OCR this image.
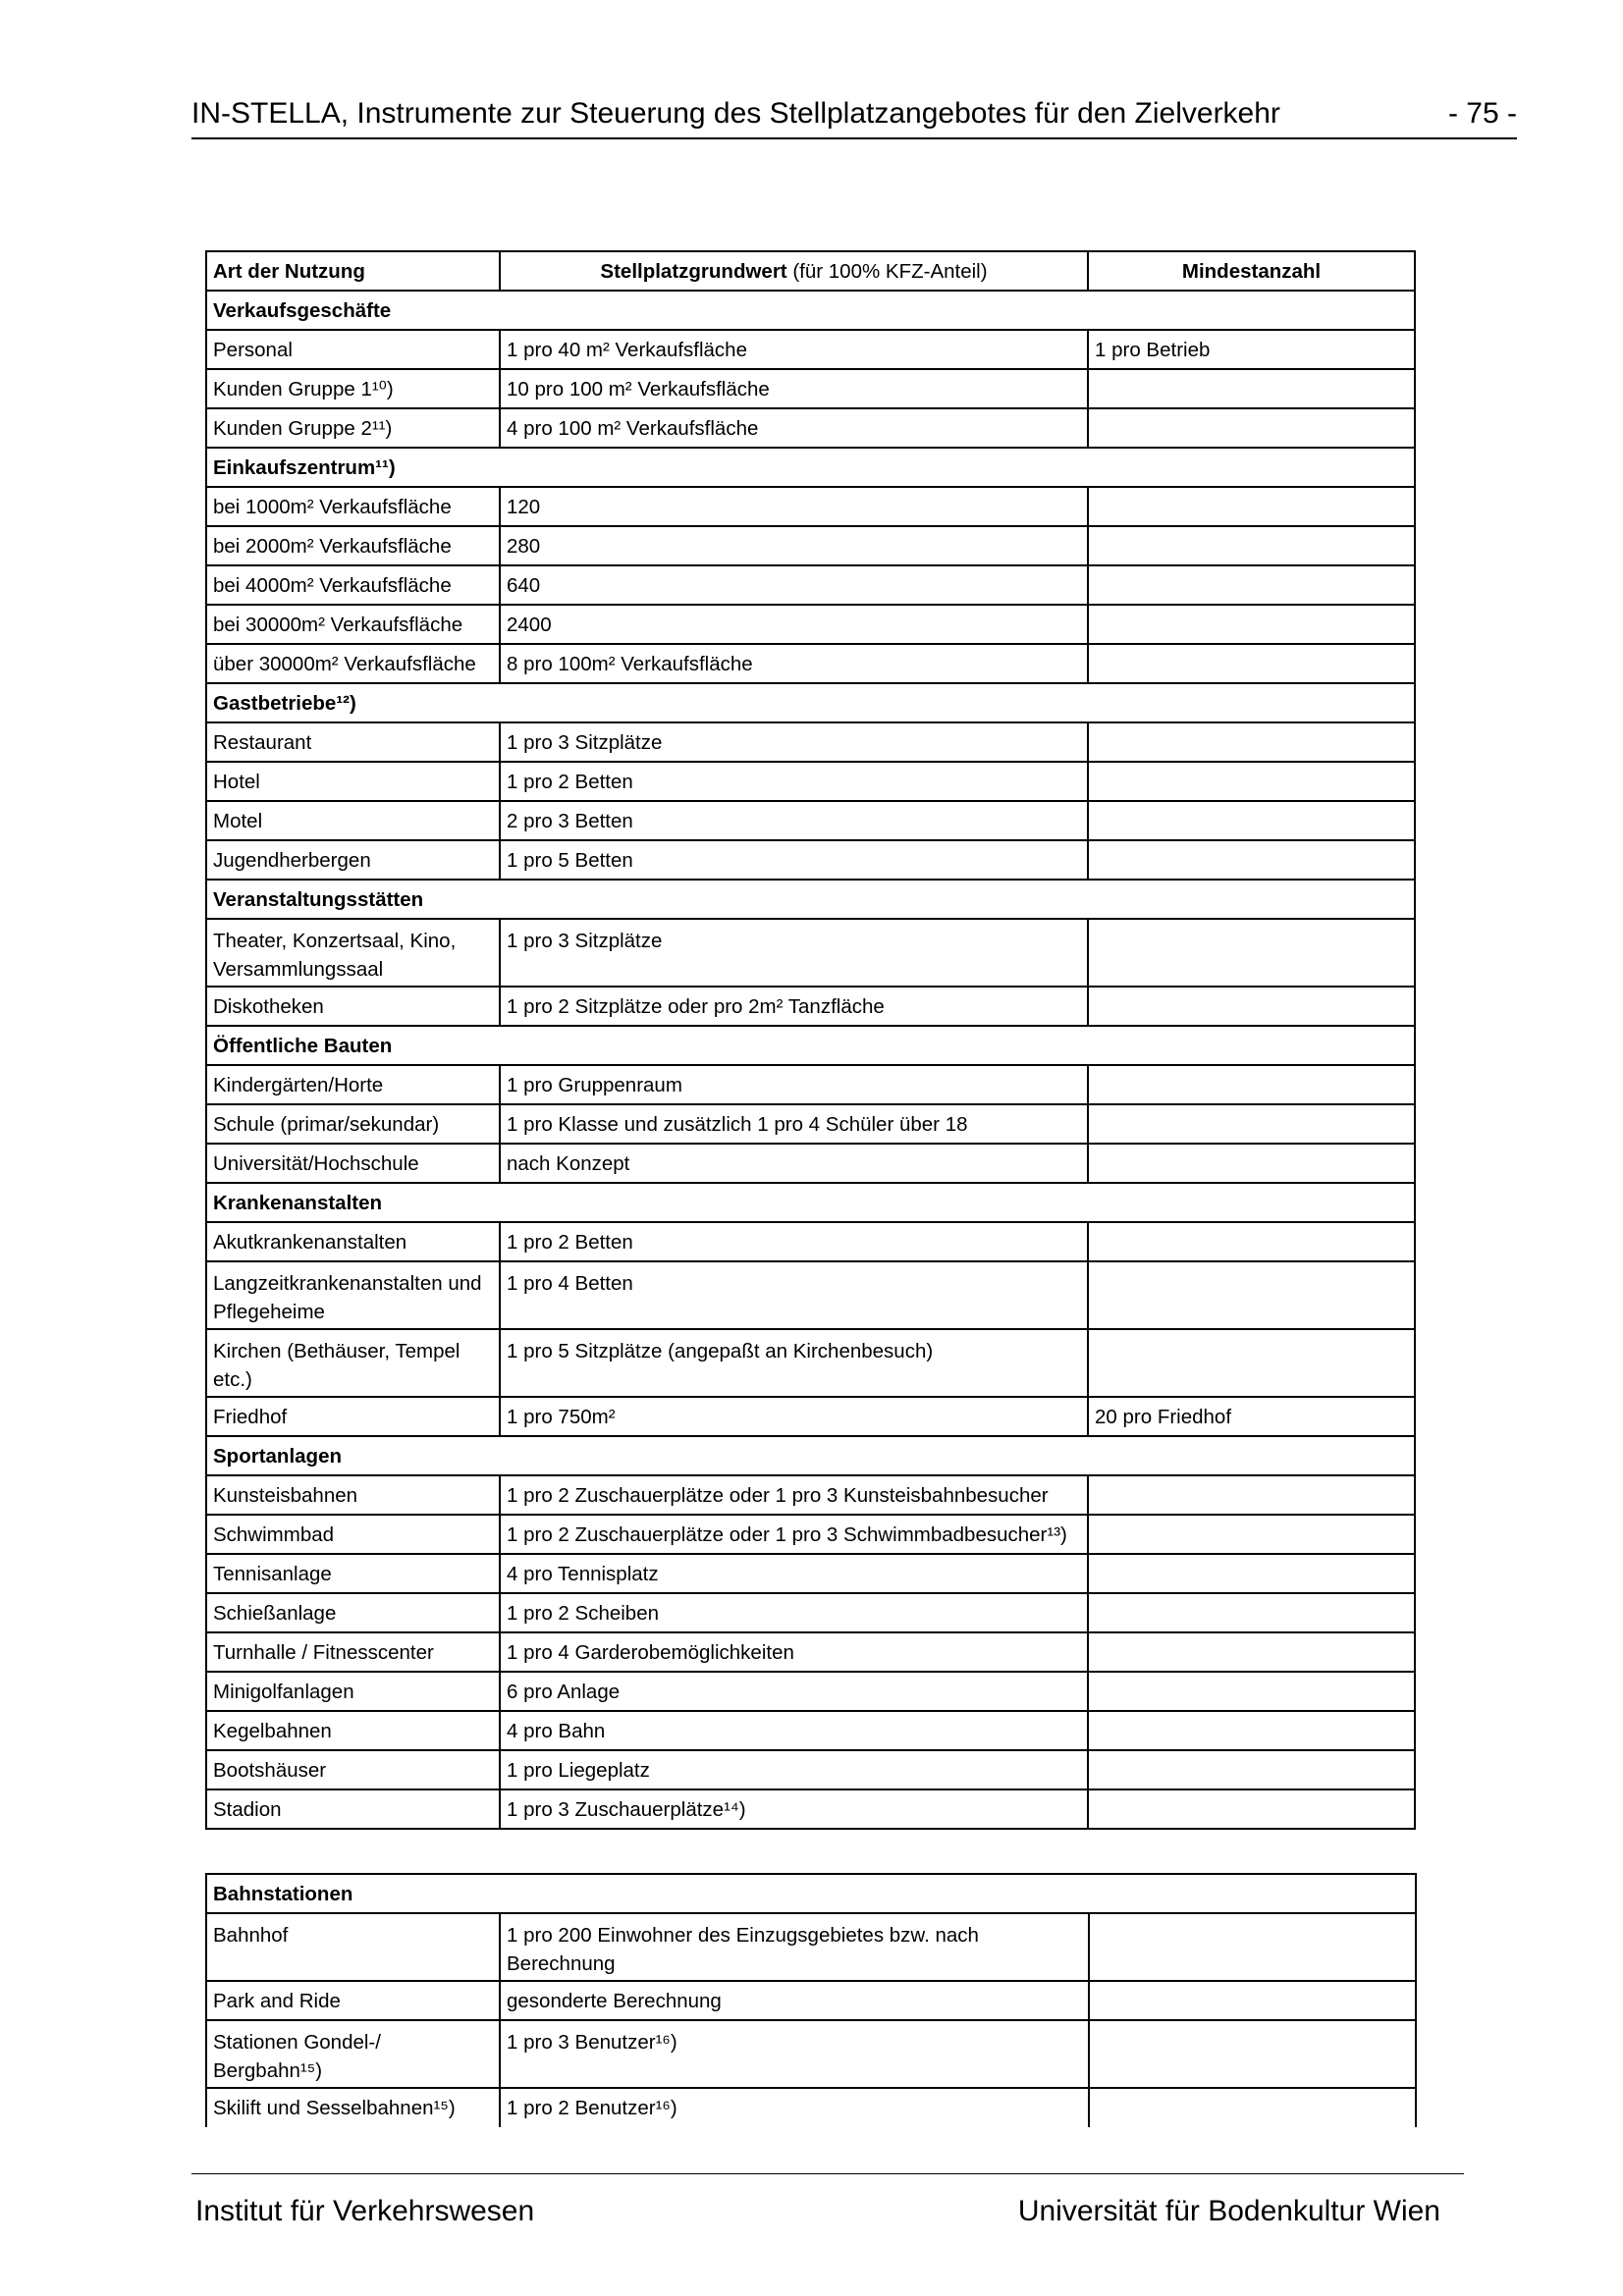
IN-STELLA, Instrumente zur Steuerung des Stellplatzangebotes für den Zielverkehr	- 75 -
Art der Nutzung	Stellplatzgrundwert (für 100% KFZ-Anteil)	Mindestanzahl
Verkaufsgeschäfte		
Personal	1 pro 40 m² Verkaufsfläche	1 pro Betrieb
Kunden Gruppe 1¹⁰)	10 pro 100 m² Verkaufsfläche	
Kunden Gruppe 2¹¹)	4 pro 100 m² Verkaufsfläche	
Einkaufszentrum¹¹)		
bei 1000m² Verkaufsfläche	120	
bei 2000m² Verkaufsfläche	280	
bei 4000m² Verkaufsfläche	640	
bei 30000m² Verkaufsfläche	2400	
über 30000m² Verkaufsfläche	8 pro 100m² Verkaufsfläche	
Gastbetriebe¹²)		
Restaurant	1 pro 3 Sitzplätze	
Hotel	1 pro 2 Betten	
Motel	2 pro 3 Betten	
Jugendherbergen	1 pro 5 Betten	
Veranstaltungsstätten		
Theater, Konzertsaal, Kino, Versammlungssaal	1 pro 3 Sitzplätze	
Diskotheken	1 pro 2 Sitzplätze oder pro 2m² Tanzfläche	
Öffentliche Bauten		
Kindergärten/Horte	1 pro Gruppenraum	
Schule (primar/sekundar)	1 pro Klasse und zusätzlich 1 pro 4 Schüler über 18	
Universität/Hochschule	nach Konzept	
Krankenanstalten		
Akutkrankenanstalten	1 pro 2 Betten	
Langzeitkrankenanstalten und Pflegeheime	1 pro 4 Betten	
Kirchen (Bethäuser, Tempel etc.)	1 pro 5 Sitzplätze (angepaßt an Kirchenbesuch)	
Friedhof	1 pro 750m²	20 pro Friedhof
Sportanlagen		
Kunsteisbahnen	1 pro 2 Zuschauerplätze oder 1 pro 3 Kunsteisbahnbesucher	
Schwimmbad	1 pro 2 Zuschauerplätze oder 1 pro 3 Schwimmbadbesucher¹³)	
Tennisanlage	4 pro Tennisplatz	
Schießanlage	1 pro 2 Scheiben	
Turnhalle / Fitnesscenter	1 pro 4 Garderobemöglichkeiten	
Minigolfanlagen	6 pro Anlage	
Kegelbahnen	4 pro Bahn	
Bootshäuser	1 pro Liegeplatz	
Stadion	1 pro 3 Zuschauerplätze¹⁴)	
Bahnstationen		
Bahnhof	1 pro 200 Einwohner des Einzugsgebietes bzw. nach Berechnung	
Park and Ride	gesonderte Berechnung	
Stationen Gondel-/ Bergbahn¹⁵)	1 pro 3 Benutzer¹⁶)	
Skilift und Sesselbahnen¹⁵)	1 pro 2 Benutzer¹⁶)	
Institut für Verkehrswesen	Universität für Bodenkultur Wien
